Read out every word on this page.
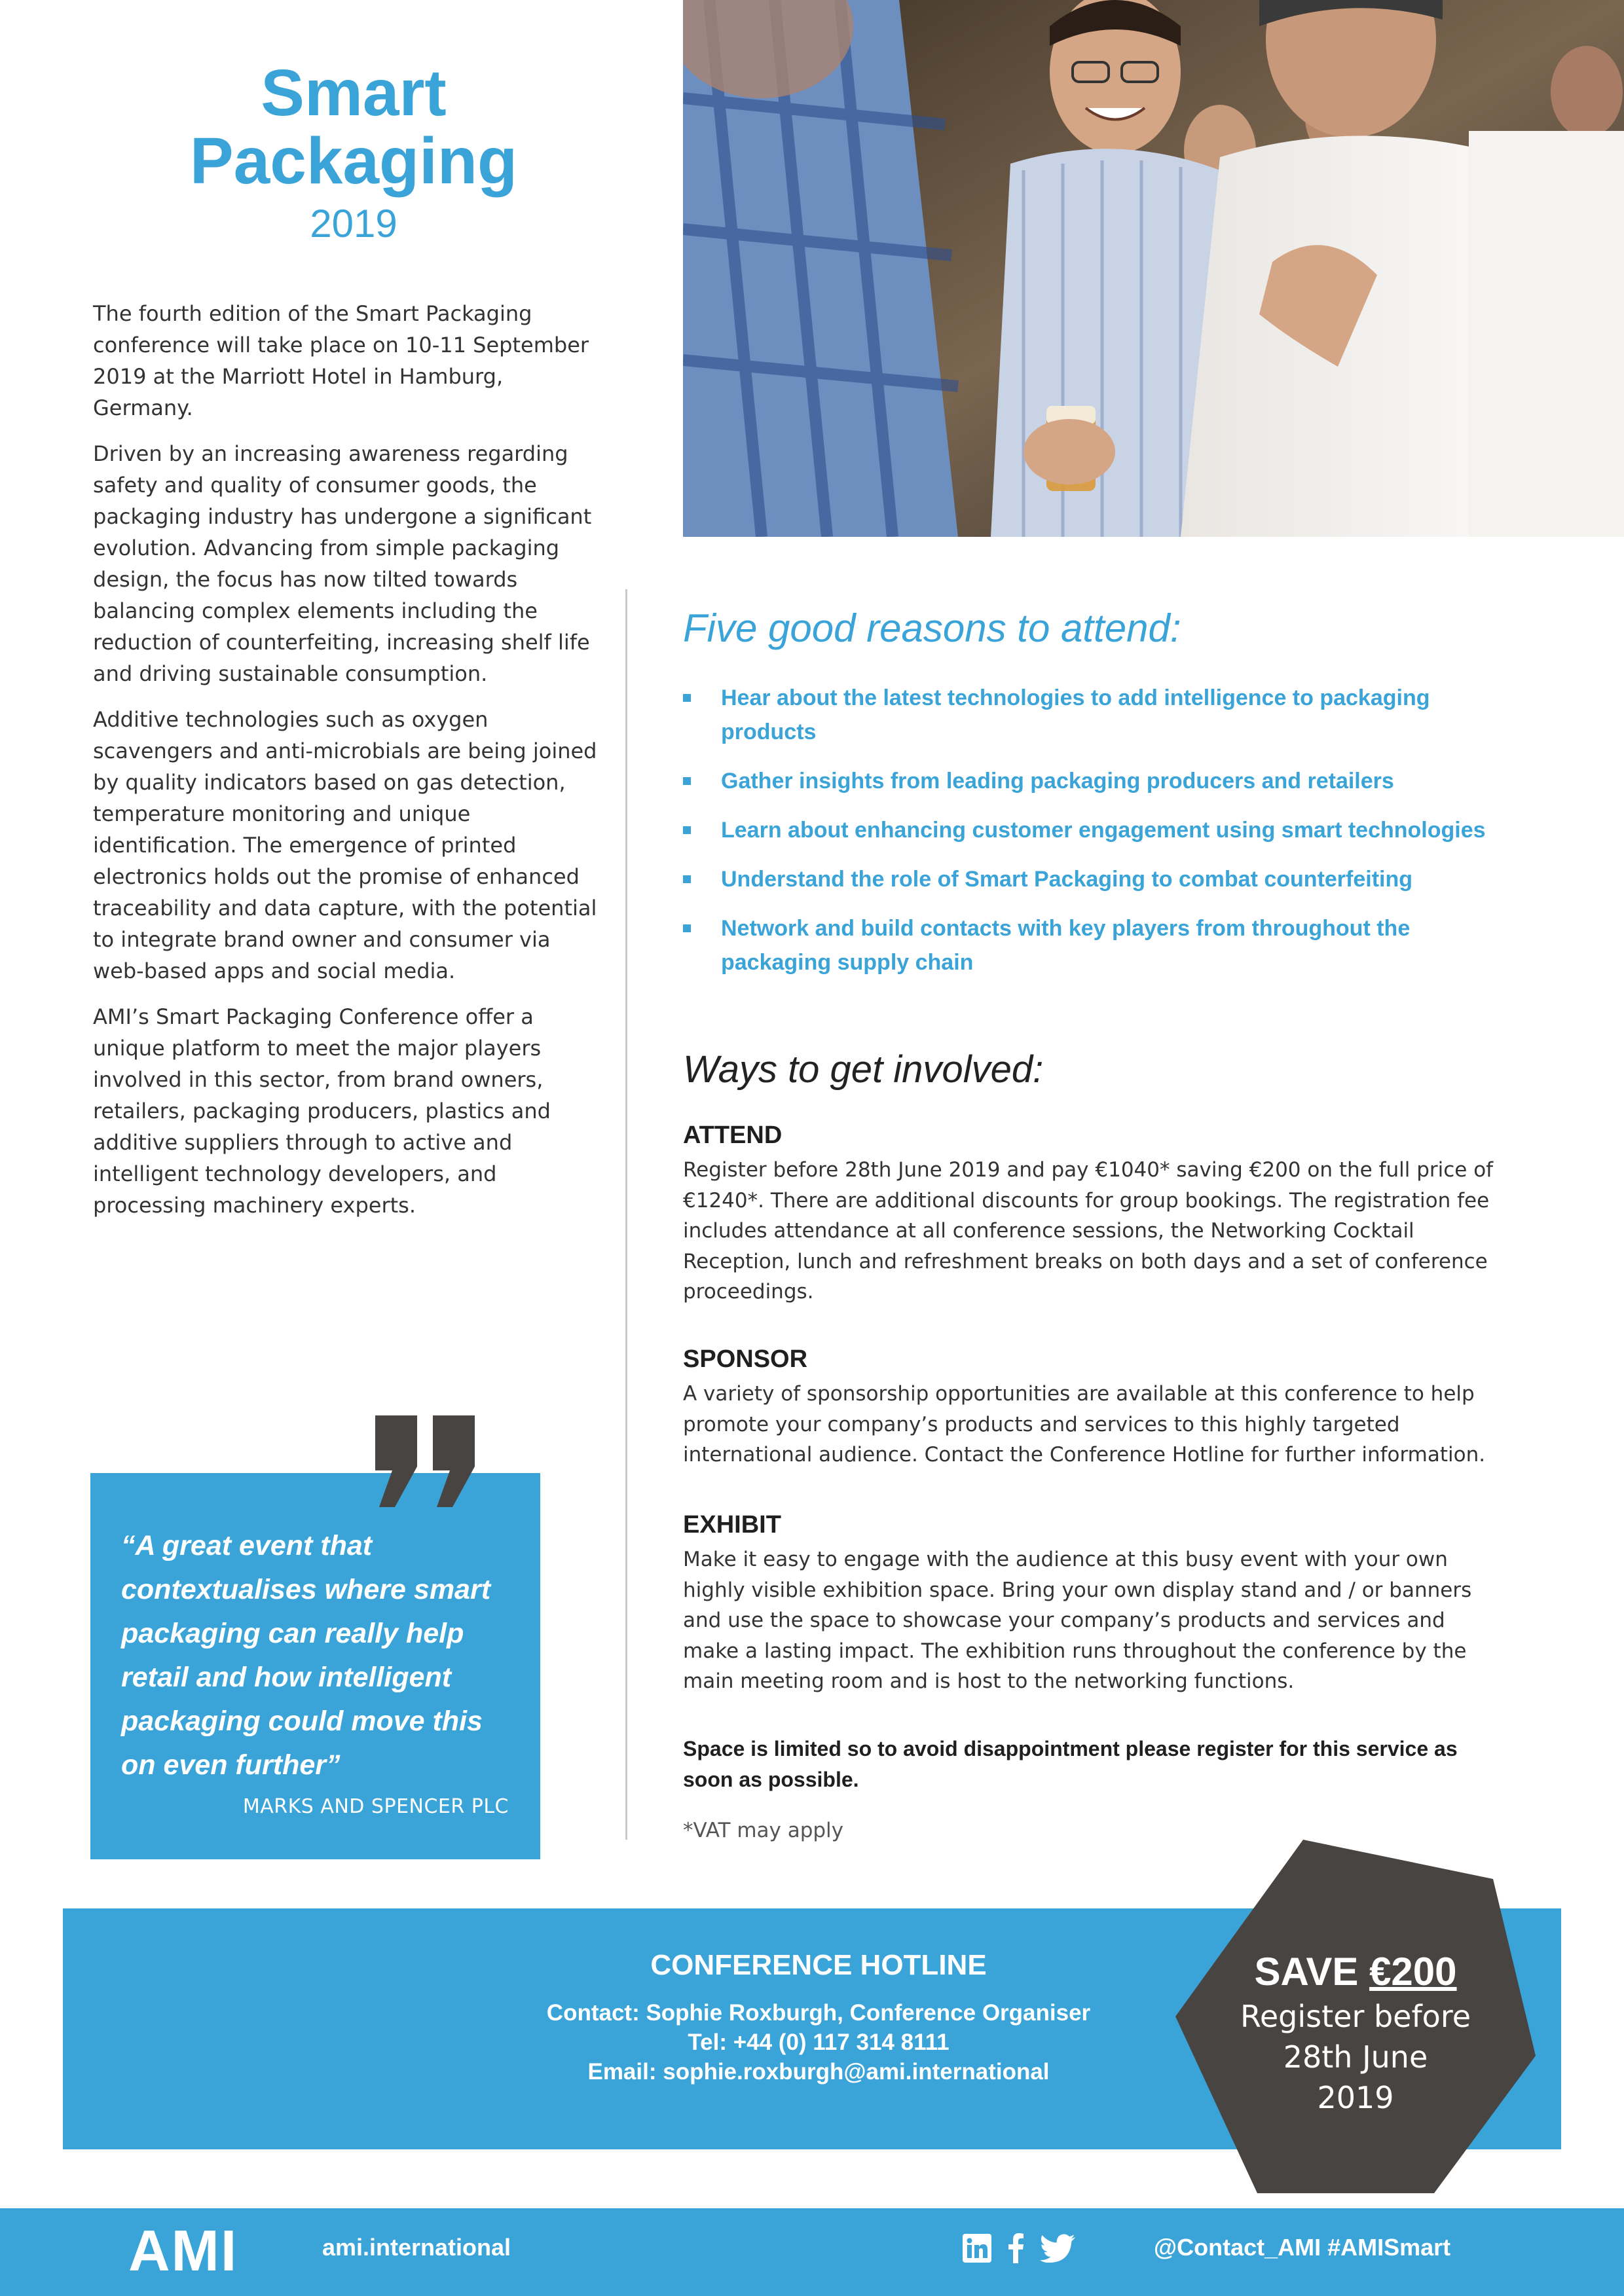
Smart
Packaging
2019

The fourth edition of the Smart Packaging conference will take place on 10-11 September 2019 at the Marriott Hotel in Hamburg, Germany.

Driven by an increasing awareness regarding safety and quality of consumer goods, the packaging industry has undergone a significant evolution. Advancing from simple packaging design, the focus has now tilted towards balancing complex elements including the reduction of counterfeiting, increasing shelf life and driving sustainable consumption.

Additive technologies such as oxygen scavengers and anti-microbials are being joined by quality indicators based on gas detection, temperature monitoring and unique identification. The emergence of printed electronics holds out the promise of enhanced traceability and data capture, with the potential to integrate brand owner and consumer via web-based apps and social media.

AMI’s Smart Packaging Conference offer a unique platform to meet the major players involved in this sector, from brand owners, retailers, packaging producers, plastics and additive suppliers through to active and intelligent technology developers, and processing machinery experts.

Five good reasons to attend:
Hear about the latest technologies to add intelligence to packaging products
Gather insights from leading packaging producers and retailers
Learn about enhancing customer engagement using smart technologies
Understand the role of Smart Packaging to combat counterfeiting
Network and build contacts with key players from throughout the packaging supply chain
Ways to get involved:
ATTEND

Register before 28th June 2019 and pay €1040* saving €200 on the full price of €1240*. There are additional discounts for group bookings. The registration fee includes attendance at all conference sessions, the Networking Cocktail Reception, lunch and refreshment breaks on both days and a set of conference proceedings.

SPONSOR

A variety of sponsorship opportunities are available at this conference to help promote your company’s products and services to this highly targeted international audience. Contact the Conference Hotline for further information.

EXHIBIT

Make it easy to engage with the audience at this busy event with your own highly visible exhibition space. Bring your own display stand and / or banners and use the space to showcase your company’s products and services and make a lasting impact. The exhibition runs throughout the conference by the main meeting room and is host to the networking functions.

Space is limited so to avoid disappointment please register for this service as soon as possible.
*VAT may apply
“A great event that contextualises where smart packaging can really help retail and how intelligent packaging could move this on even further”
MARKS AND SPENCER PLC
CONFERENCE HOTLINE
Contact: Sophie Roxburgh, Conference Organiser
Tel: +44 (0) 117 314 8111
Email: sophie.roxburgh@ami.international
SAVE €200
Register before
28th June
2019
AMI	ami.international	@Contact_AMI #AMISmart
